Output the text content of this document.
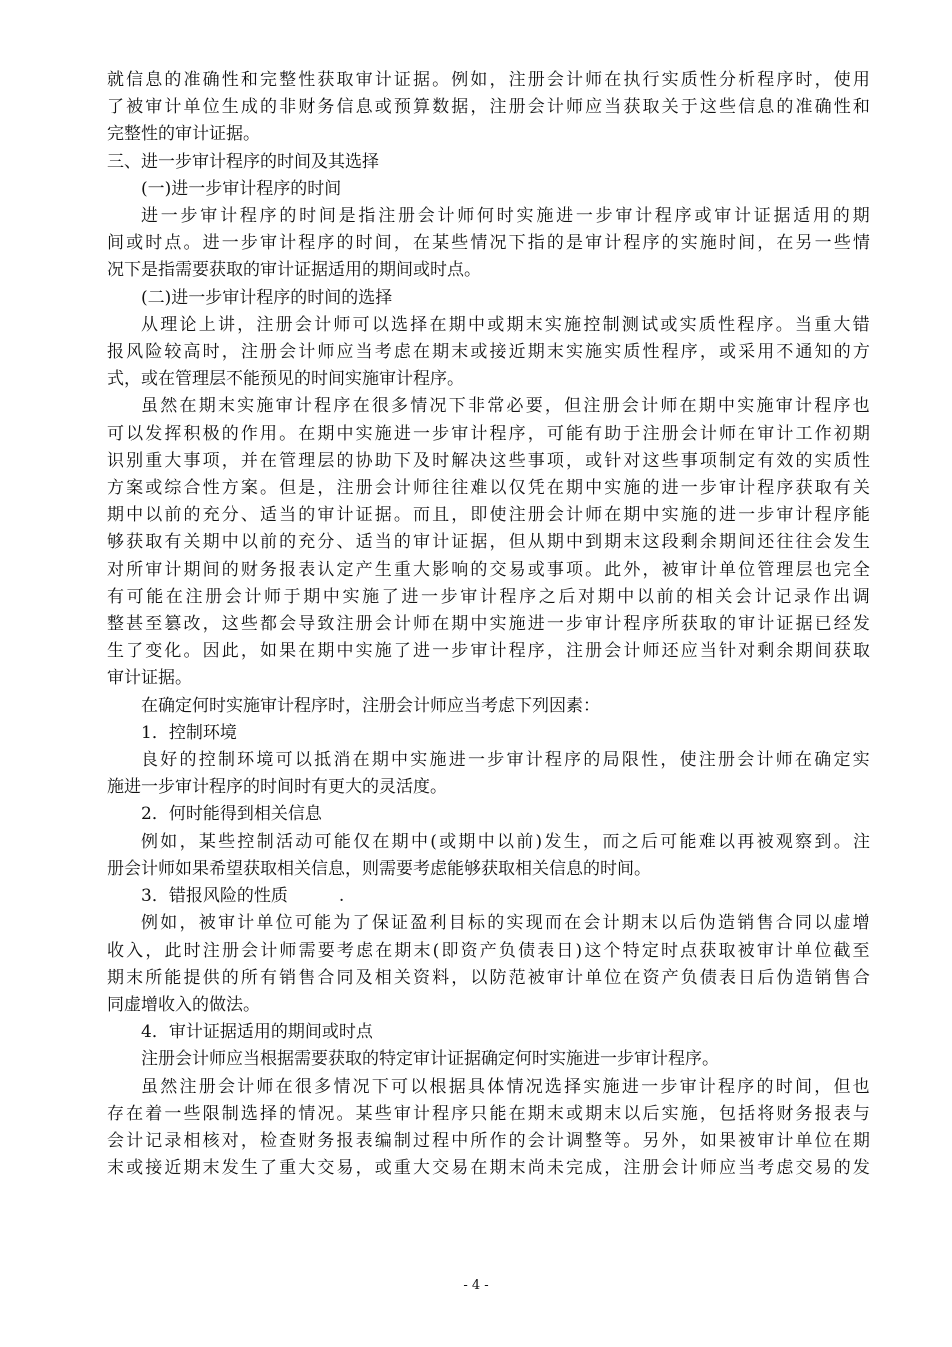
就 信 息 的 准 确 性 和 完 整 性 获 取 审 计 证 据 。 例 如 ， 注 册 会 计 师 在 执 行 实 质 性 分 析 程 序 时 ， 使 用
了 被 审 计 单 位 生 成 的 非 财 务 信 息 或 预 算 数 据 ， 注 册 会 计 师 应 当 获 取 关 于 这 些 信 息 的 准 确 性 和
完整性的审计证据。
三、进一步审计程序的时间及其选择
(一)进一步审计程序的时间
进 一 步 审 计 程 序 的 时 间 是 指 注 册 会 计 师 何 时 实 施 进 一 步 审 计 程 序 或 审 计 证 据 适 用 的 期
间 或 时 点 。 进 一 步 审 计 程 序 的 时 间 ， 在 某 些 情 况 下 指 的 是 审 计 程 序 的 实 施 时 间 ， 在 另 一 些 情
况下是指需要获取的审计证据适用的期间或时点。
(二)进一步审计程序的时间的选择
从 理 论 上 讲 ， 注 册 会 计 师 可 以 选 择 在 期 中 或 期 末 实 施 控 制 测 试 或 实 质 性 程 序 。 当 重 大 错
报 风 险 较 高 时 ， 注 册 会 计 师 应 当 考 虑 在 期 末 或 接 近 期 末 实 施 实 质 性 程 序 ， 或 采 用 不 通 知 的 方
式，或在管理层不能预见的时间实施审计程序。
虽 然 在 期 末 实 施 审 计 程 序 在 很 多 情 况 下 非 常 必 要 ， 但 注 册 会 计 师 在 期 中 实 施 审 计 程 序 也
可 以 发 挥 积 极 的 作 用 。 在 期 中 实 施 进 一 步 审 计 程 序 ， 可 能 有 助 于 注 册 会 计 师 在 审 计 工 作 初 期
识 别 重 大 事 项 ， 并 在 管 理 层 的 协 助 下 及 时 解 决 这 些 事 项 ， 或 针 对 这 些 事 项 制 定 有 效 的 实 质 性
方 案 或 综 合 性 方 案 。 但 是 ， 注 册 会 计 师 往 往 难 以 仅 凭 在 期 中 实 施 的 进 一 步 审 计 程 序 获 取 有 关
期 中 以 前 的 充 分 、 适 当 的 审 计 证 据 。 而 且 ， 即 使 注 册 会 计 师 在 期 中 实 施 的 进 一 步 审 计 程 序 能
够 获 取 有 关 期 中 以 前 的 充 分 、 适 当 的 审 计 证 据 ， 但 从 期 中 到 期 末 这 段 剩 余 期 间 还 往 往 会 发 生
对 所 审 计 期 间 的 财 务 报 表 认 定 产 生 重 大 影 响 的 交 易 或 事 项 。 此 外 ， 被 审 计 单 位 管 理 层 也 完 全
有 可 能 在 注 册 会 计 师 于 期 中 实 施 了 进 一 步 审 计 程 序 之 后 对 期 中 以 前 的 相 关 会 计 记 录 作 出 调
整 甚 至 篡 改 ， 这 些 都 会 导 致 注 册 会 计 师 在 期 中 实 施 进 一 步 审 计 程 序 所 获 取 的 审 计 证 据 已 经 发
生 了 变 化 。 因 此 ， 如 果 在 期 中 实 施 了 进 一 步 审 计 程 序 ， 注 册 会 计 师 还 应 当 针 对 剩 余 期 间 获 取
审计证据。
在确定何时实施审计程序时，注册会计师应当考虑下列因素：
1．控制环境
良 好 的 控 制 环 境 可 以 抵 消 在 期 中 实 施 进 一 步 审 计 程 序 的 局 限 性 ， 使 注 册 会 计 师 在 确 定 实
施进一步审计程序的时间时有更大的灵活度。
2．何时能得到相关信息
例 如 ， 某 些 控 制 活 动 可 能 仅 在 期 中 ( 或 期 中 以 前 ) 发 生 ， 而 之 后 可 能 难 以 再 被 观 察 到 。 注
册会计师如果希望获取相关信息，则需要考虑能够获取相关信息的时间。
3．错报风险的性质　　　.
例 如 ， 被 审 计 单 位 可 能 为 了 保 证 盈 利 目 标 的 实 现 而 在 会 计 期 末 以 后 伪 造 销 售 合 同 以 虚 增
收 入 ， 此 时 注 册 会 计 师 需 要 考 虑 在 期 末 ( 即 资 产 负 债 表 日 ) 这 个 特 定 时 点 获 取 被 审 计 单 位 截 至
期 末 所 能 提 供 的 所 有 销 售 合 同 及 相 关 资 料 ， 以 防 范 被 审 计 单 位 在 资 产 负 债 表 日 后 伪 造 销 售 合
同虚增收入的做法。
4．审计证据适用的期间或时点
注册会计师应当根据需要获取的特定审计证据确定何时实施进一步审计程序。
虽 然 注 册 会 计 师 在 很 多 情 况 下 可 以 根 据 具 体 情 况 选 择 实 施 进 一 步 审 计 程 序 的 时 间 ， 但 也
存 在 着 一 些 限 制 选 择 的 情 况 。 某 些 审 计 程 序 只 能 在 期 末 或 期 末 以 后 实 施 ， 包 括 将 财 务 报 表 与
会 计 记 录 相 核 对 ， 检 查 财 务 报 表 编 制 过 程 中 所 作 的 会 计 调 整 等 。 另 外 ， 如 果 被 审 计 单 位 在 期
末 或 接 近 期 末 发 生 了 重 大 交 易 ， 或 重 大 交 易 在 期 末 尚 未 完 成 ， 注 册 会 计 师 应 当 考 虑 交 易 的 发
- 4 -
